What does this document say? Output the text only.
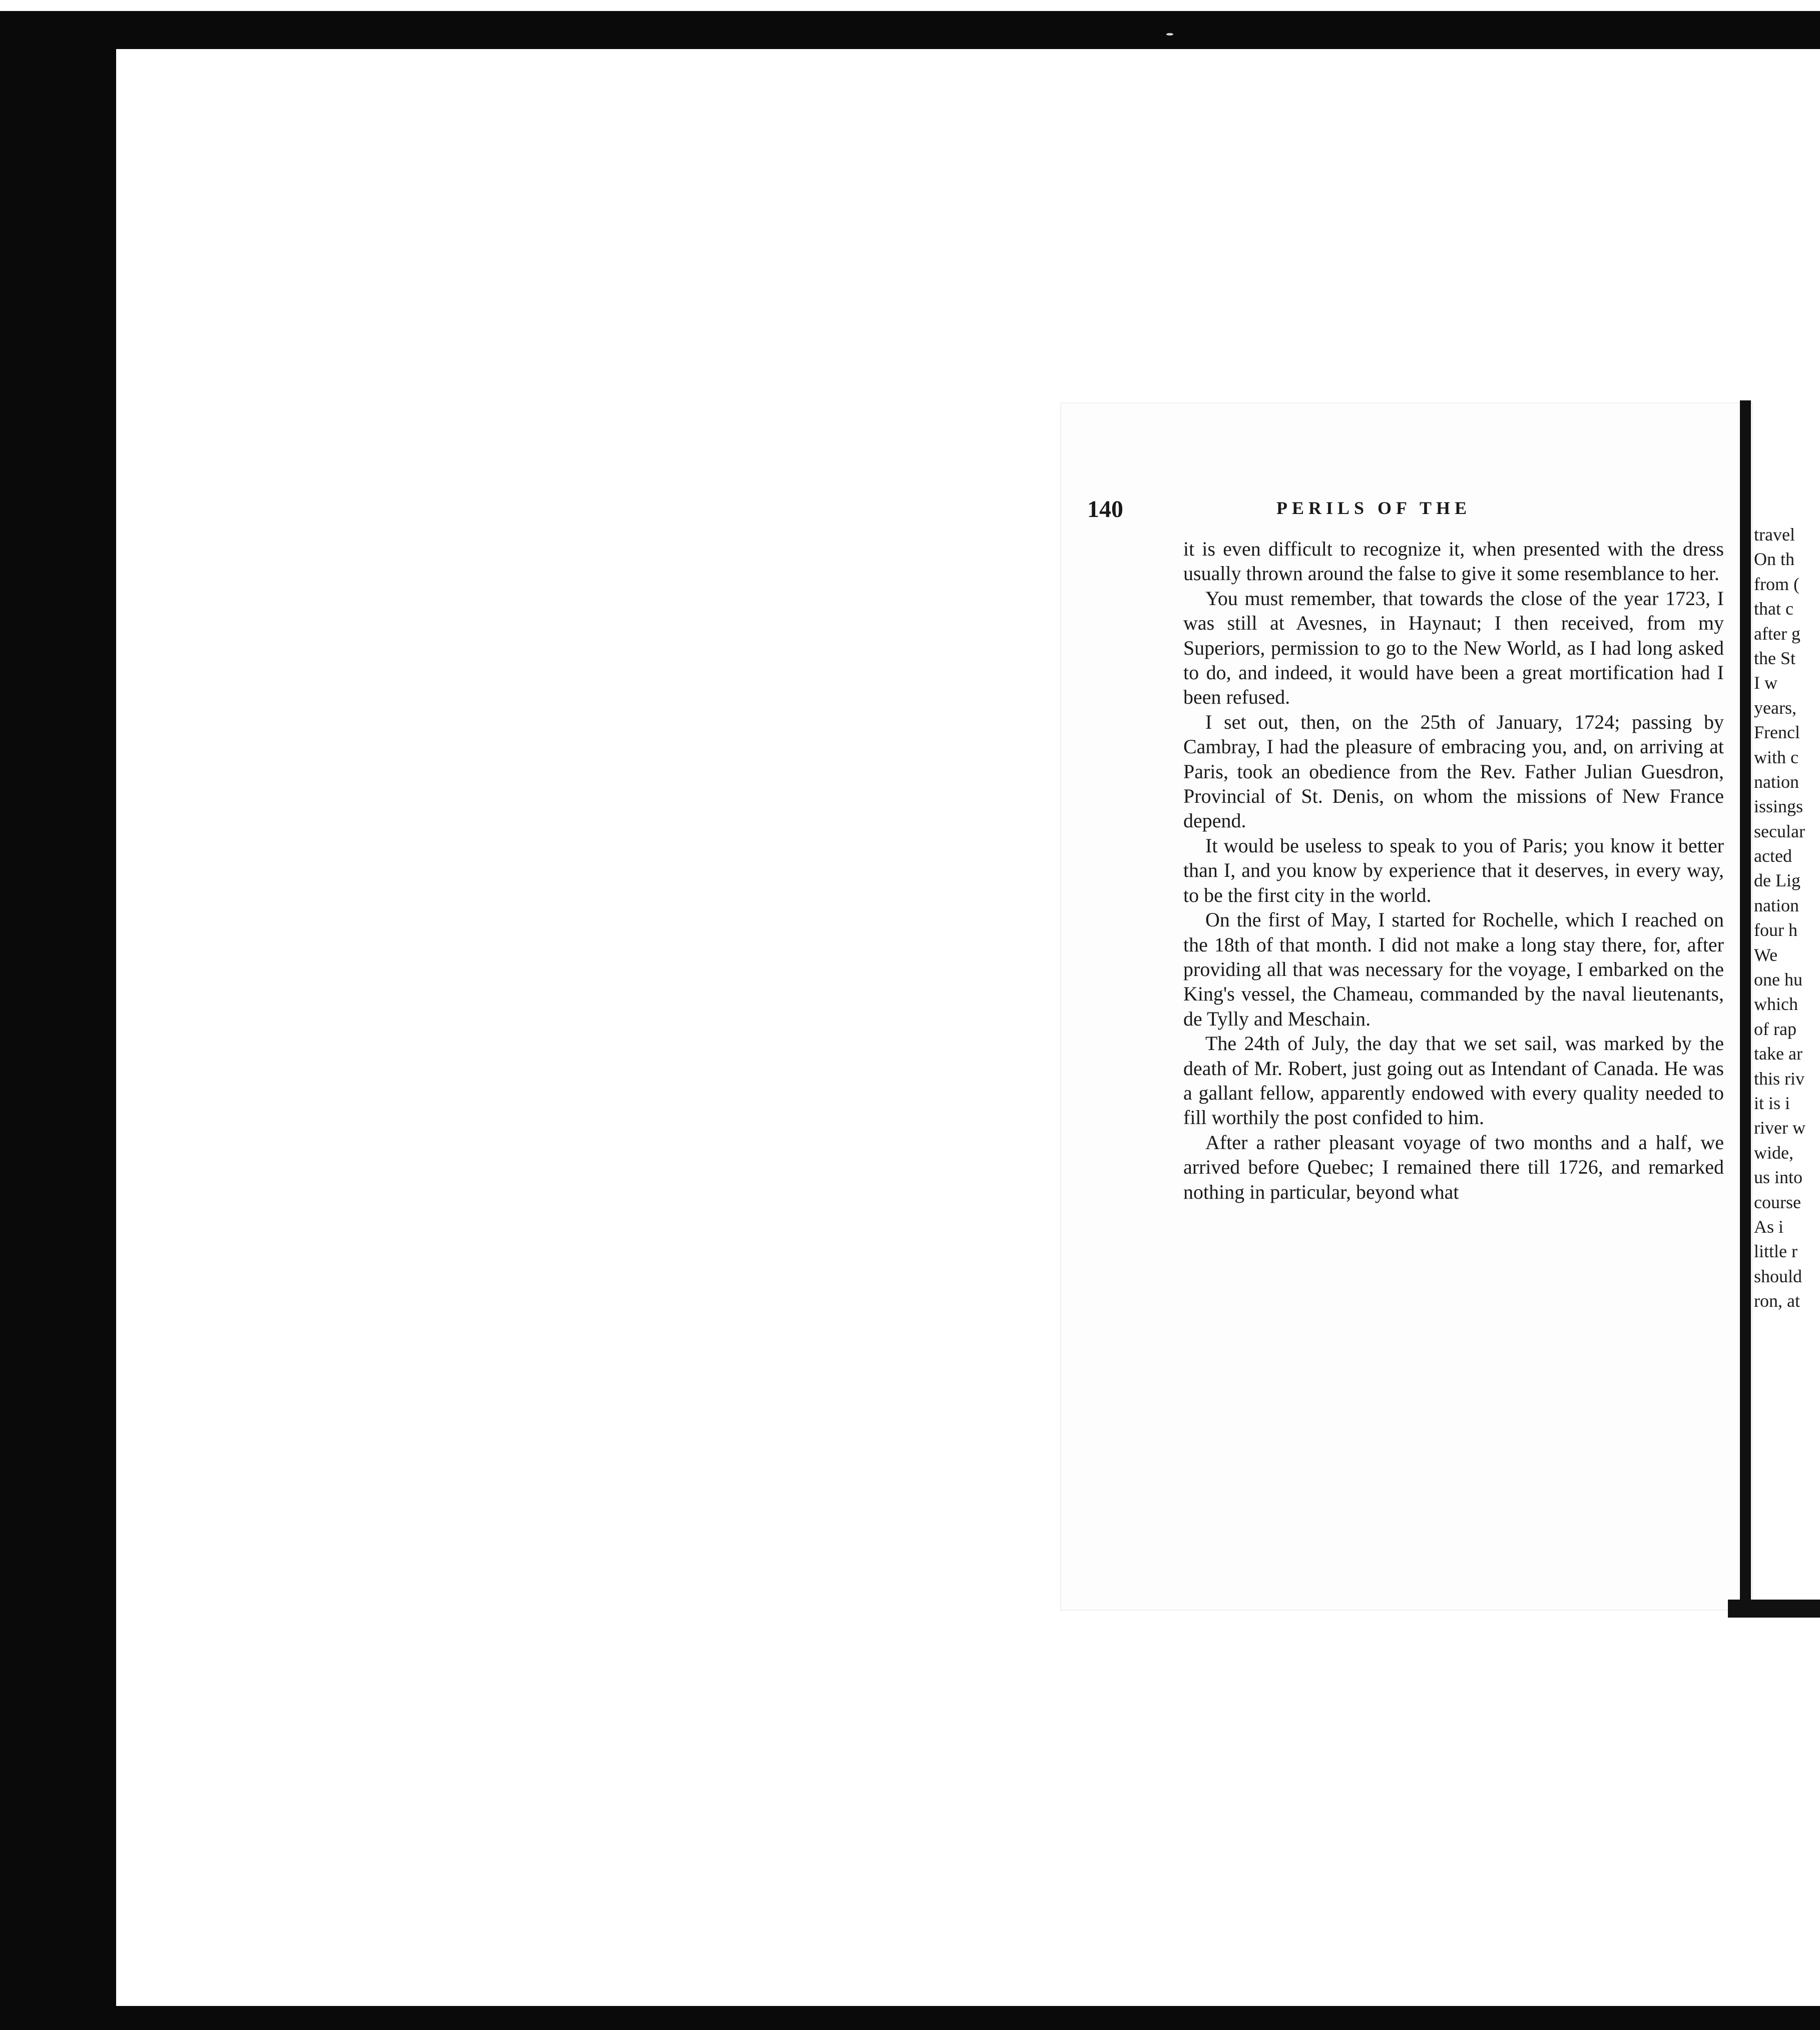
140	PERILS OF THE

it is even difficult to recognize it, when presented with the dress usually thrown around the false to give it some resemblance to her.

You must remember, that towards the close of the year 1723, I was still at Avesnes, in Haynaut; I then received, from my Superiors, permission to go to the New World, as I had long asked to do, and indeed, it would have been a great mortification had I been refused.

I set out, then, on the 25th of January, 1724; passing by Cambray, I had the pleasure of embracing you, and, on arriving at Paris, took an obedience from the Rev. Father Julian Guesdron, Provincial of St. Denis, on whom the missions of New France depend.

It would be useless to speak to you of Paris; you know it better than I, and you know by experience that it deserves, in every way, to be the first city in the world.

On the first of May, I started for Rochelle, which I reached on the 18th of that month. I did not make a long stay there, for, after providing all that was necessary for the voyage, I embarked on the King's vessel, the Chameau, commanded by the naval lieutenants, de Tylly and Meschain.

The 24th of July, the day that we set sail, was marked by the death of Mr. Robert, just going out as Intendant of Canada. He was a gallant fellow, apparently endowed with every quality needed to fill worthily the post confided to him.

After a rather pleasant voyage of two months and a half, we arrived before Quebec; I remained there till 1726, and remarked nothing in particular, beyond what

travel
On th
from (
that c
after g
the St
I w
years,
Frencl
with c
nation
issings
secular
acted
de Lig
nation
four h
We
one hu
which
of rap
take ar
this riv
it is i
river w
wide,
us into
course
As i
little r
should
ron, at
